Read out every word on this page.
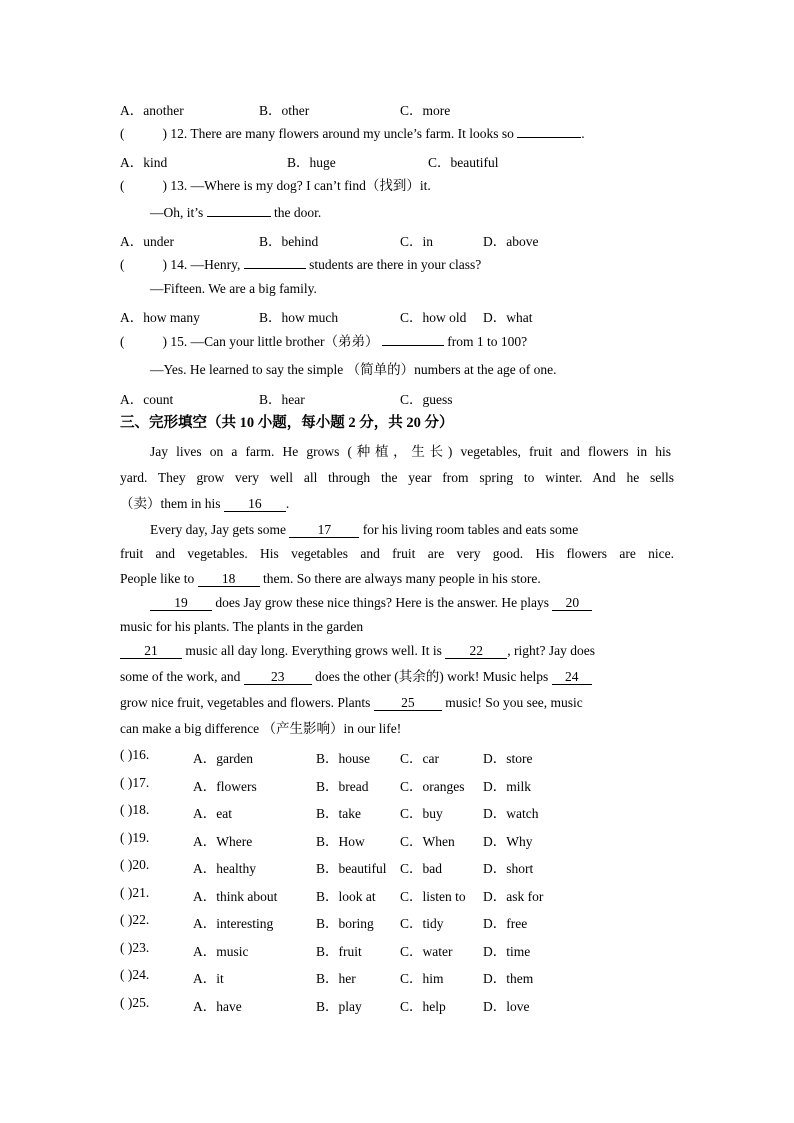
A．another	B．other	C．more
(	) 12. There are many flowers around my uncle’s farm. It looks so	.
A．kind	B．huge	C．beautiful
(	) 13. —Where is my dog? I can’t find（找到）it.
—Oh, it’s	the door.
A．under	B．behind	C．in	D．above
(	) 14. —Henry,	students are there in your class?
—Fifteen. We are a big family.
A．how many	B．how much	C．how old D．what
(	) 15. —Can your little brother（弟弟）	from 1 to 100?
—Yes. He learned to say the simple （简单的）numbers at the age of one.
A．count	B．hear	C．guess
三、完形填空（共 10 小题，每小题 2 分，共 20 分）
Jay lives on a farm. He grows (种植，生长) vegetables, fruit and flowers in his
yard. They grow very well all through the year from spring to winter. And he sells
（卖）them in his 16 .
Every day, Jay gets some 17 for his living room tables and eats some
fruit and vegetables. His vegetables and fruit are very good. His flowers are nice.
People like to 18 them. So there are always many people in his store.
19 does Jay grow these nice things? Here is the answer. He plays 20
music for his plants. The plants in the garden
21 music all day long. Everything grows well. It is 22 , right? Jay does
some of the work, and 23 does the other (其余的) work! Music helps 24
grow nice fruit, vegetables and flowers. Plants 25 music! So you see, music
can make a big difference （产生影响）in our life!
( )16.	A．garden	B．house C．car	D．store
( )17.	A．flowers	B．bread C．oranges D．milk
( )18.	A．eat	B．take	C．buy	D．watch
( )19.	A．Where	B．How	C．When D．Why
( )20.	A．healthy	B．beautiful C．bad	D．short
( )21.	A．think about	B．look at C．listen to D．ask for
( )22.	A．interesting	B．boring C．tidy	D．free
( )23.	A．music	B．fruit	C．water D．time
( )24.	A．it	B．her	C．him	D．them
( )25.	A．have	B．play	C．help	D．love
